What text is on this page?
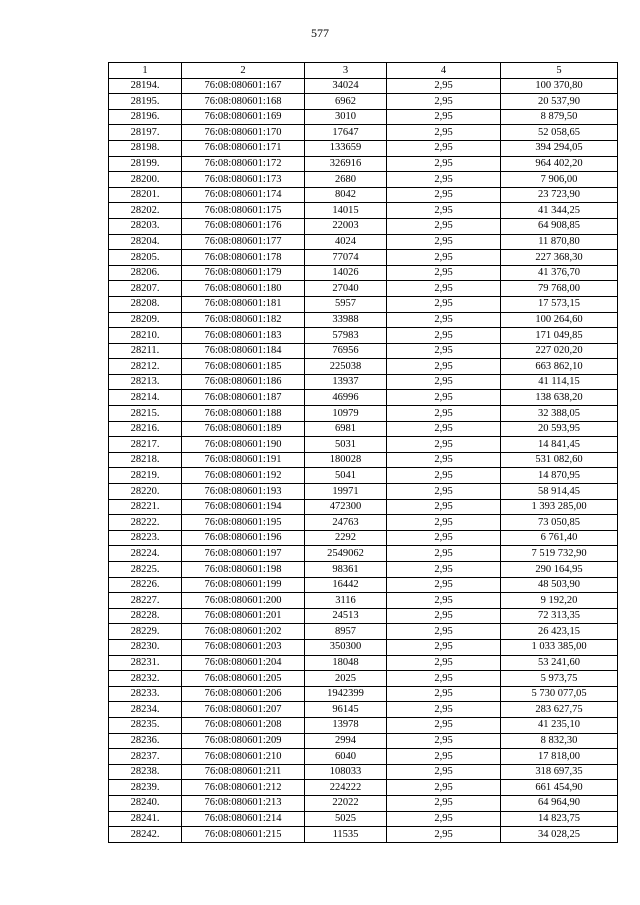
577
1	2	3	4	5
28194.	76:08:080601:167	34024	2,95	100 370,80
28195.	76:08:080601:168	6962	2,95	20 537,90
28196.	76:08:080601:169	3010	2,95	8 879,50
28197.	76:08:080601:170	17647	2,95	52 058,65
28198.	76:08:080601:171	133659	2,95	394 294,05
28199.	76:08:080601:172	326916	2,95	964 402,20
28200.	76:08:080601:173	2680	2,95	7 906,00
28201.	76:08:080601:174	8042	2,95	23 723,90
28202.	76:08:080601:175	14015	2,95	41 344,25
28203.	76:08:080601:176	22003	2,95	64 908,85
28204.	76:08:080601:177	4024	2,95	11 870,80
28205.	76:08:080601:178	77074	2,95	227 368,30
28206.	76:08:080601:179	14026	2,95	41 376,70
28207.	76:08:080601:180	27040	2,95	79 768,00
28208.	76:08:080601:181	5957	2,95	17 573,15
28209.	76:08:080601:182	33988	2,95	100 264,60
28210.	76:08:080601:183	57983	2,95	171 049,85
28211.	76:08:080601:184	76956	2,95	227 020,20
28212.	76:08:080601:185	225038	2,95	663 862,10
28213.	76:08:080601:186	13937	2,95	41 114,15
28214.	76:08:080601:187	46996	2,95	138 638,20
28215.	76:08:080601:188	10979	2,95	32 388,05
28216.	76:08:080601:189	6981	2,95	20 593,95
28217.	76:08:080601:190	5031	2,95	14 841,45
28218.	76:08:080601:191	180028	2,95	531 082,60
28219.	76:08:080601:192	5041	2,95	14 870,95
28220.	76:08:080601:193	19971	2,95	58 914,45
28221.	76:08:080601:194	472300	2,95	1 393 285,00
28222.	76:08:080601:195	24763	2,95	73 050,85
28223.	76:08:080601:196	2292	2,95	6 761,40
28224.	76:08:080601:197	2549062	2,95	7 519 732,90
28225.	76:08:080601:198	98361	2,95	290 164,95
28226.	76:08:080601:199	16442	2,95	48 503,90
28227.	76:08:080601:200	3116	2,95	9 192,20
28228.	76:08:080601:201	24513	2,95	72 313,35
28229.	76:08:080601:202	8957	2,95	26 423,15
28230.	76:08:080601:203	350300	2,95	1 033 385,00
28231.	76:08:080601:204	18048	2,95	53 241,60
28232.	76:08:080601:205	2025	2,95	5 973,75
28233.	76:08:080601:206	1942399	2,95	5 730 077,05
28234.	76:08:080601:207	96145	2,95	283 627,75
28235.	76:08:080601:208	13978	2,95	41 235,10
28236.	76:08:080601:209	2994	2,95	8 832,30
28237.	76:08:080601:210	6040	2,95	17 818,00
28238.	76:08:080601:211	108033	2,95	318 697,35
28239.	76:08:080601:212	224222	2,95	661 454,90
28240.	76:08:080601:213	22022	2,95	64 964,90
28241.	76:08:080601:214	5025	2,95	14 823,75
28242.	76:08:080601:215	11535	2,95	34 028,25
